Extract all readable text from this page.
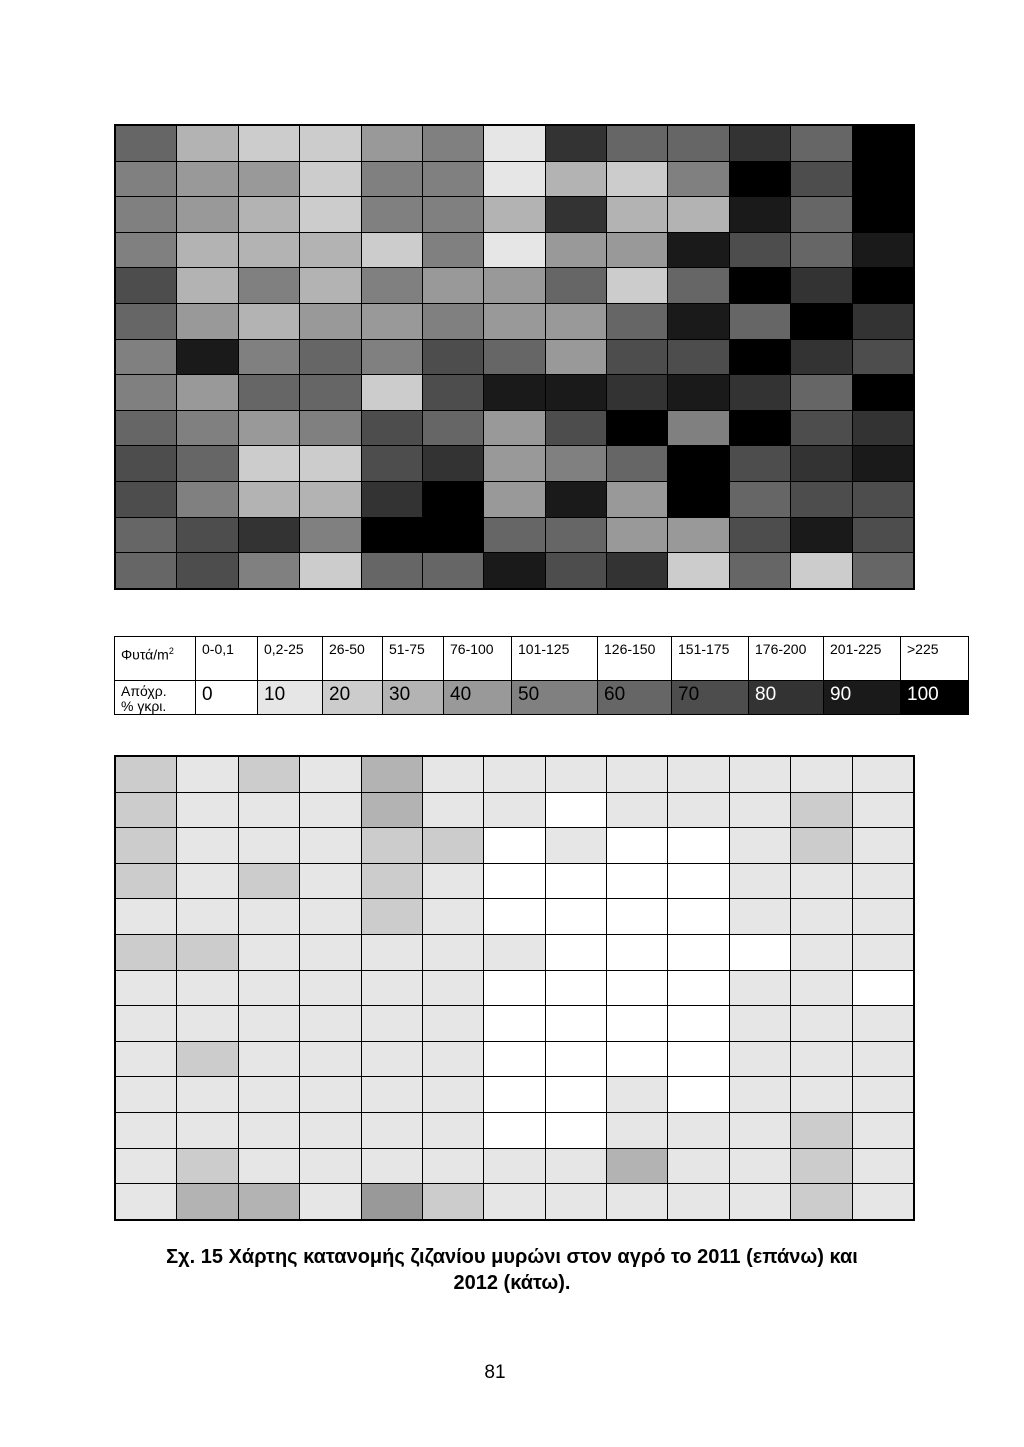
Φυτά/$m^2$	0-0,1	0,2-25	26-50	51-75	76-100	101-125	126-150	151-175	176-200	201-225	>225
Απόχρ.
% γκρι.	0	10	20	30	40	50	60	70	80	90	100

Σχ. 15 Χάρτης κατανομής ζιζανίου μυρώνι στον αγρό το 2011 (επάνω) και
2012 (κάτω).
81
